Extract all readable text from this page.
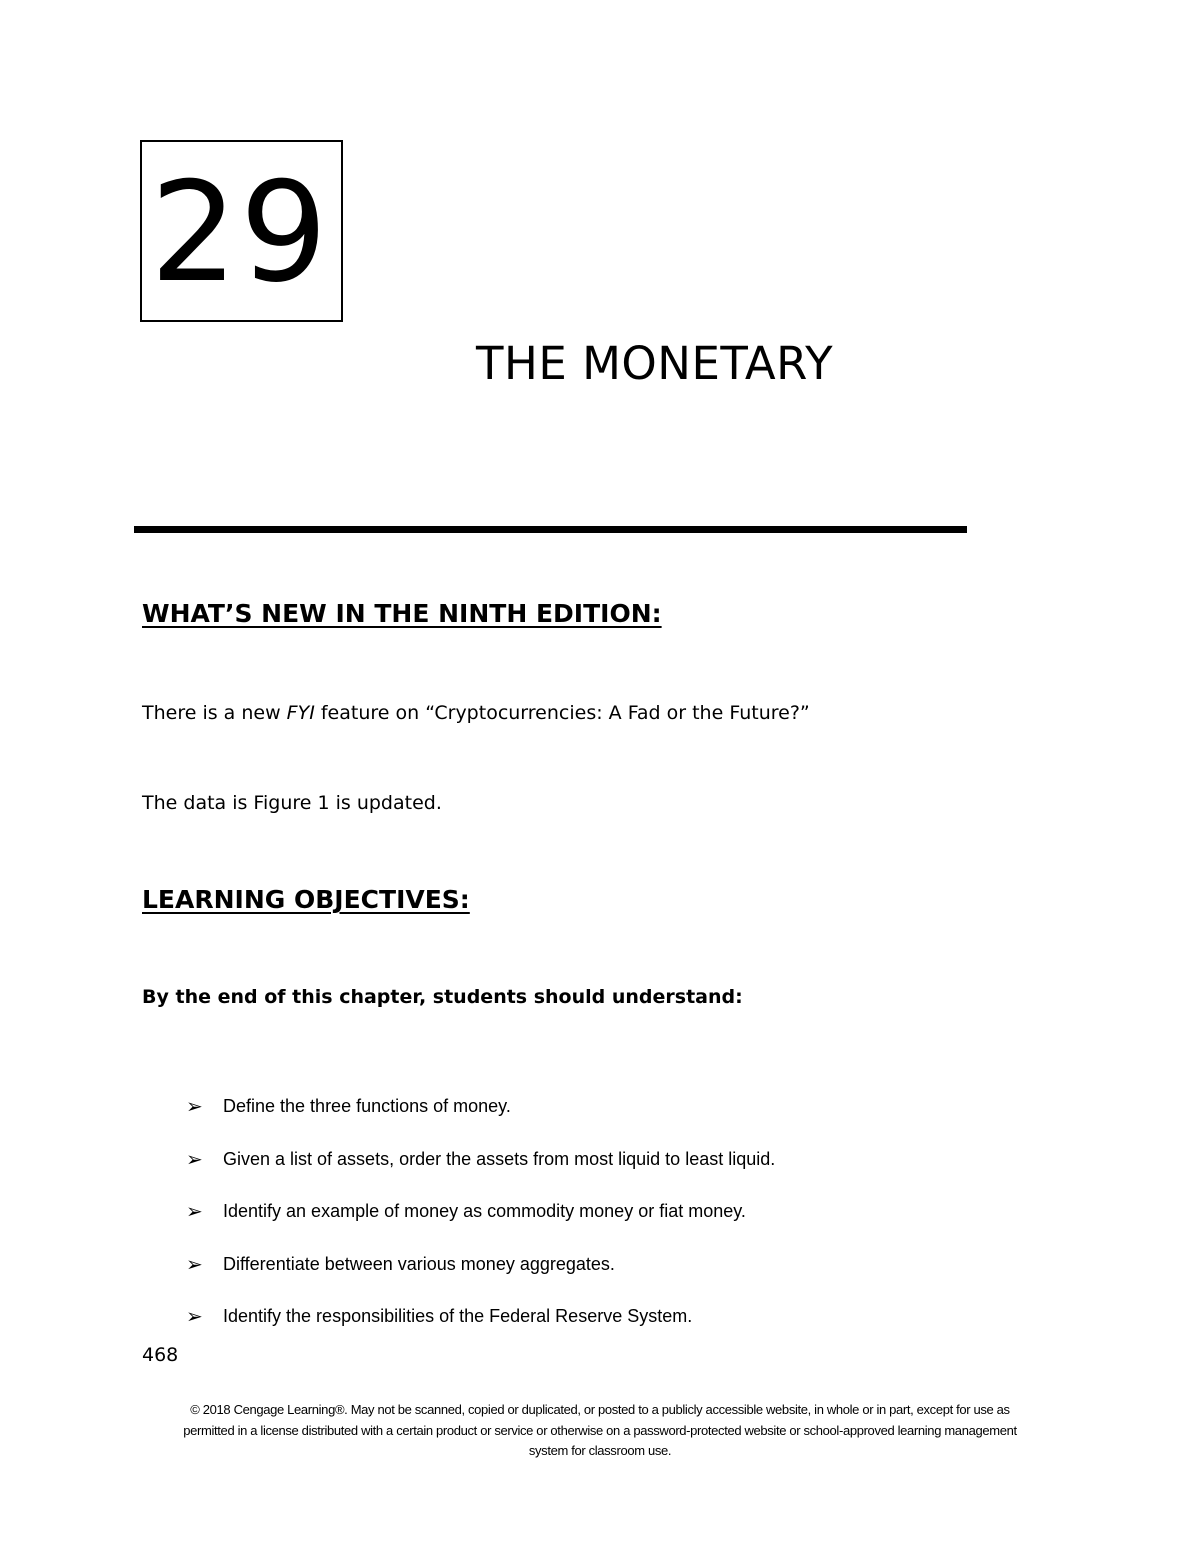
29
THE MONETARY
WHAT’S NEW IN THE NINTH EDITION:
There is a new FYI feature on “Cryptocurrencies: A Fad or the Future?”
The data is Figure 1 is updated.
LEARNING OBJECTIVES:
By the end of this chapter, students should understand:
➢	Define the three functions of money.
➢	Given a list of assets, order the assets from most liquid to least liquid.
➢	Identify an example of money as commodity money or fiat money.
➢	Differentiate between various money aggregates.
➢	Identify the responsibilities of the Federal Reserve System.
468
© 2018 Cengage Learning®. May not be scanned, copied or duplicated, or posted to a publicly accessible website, in whole or in part, except for use as
permitted in a license distributed with a certain product or service or otherwise on a password-protected website or school-approved learning management
system for classroom use.
